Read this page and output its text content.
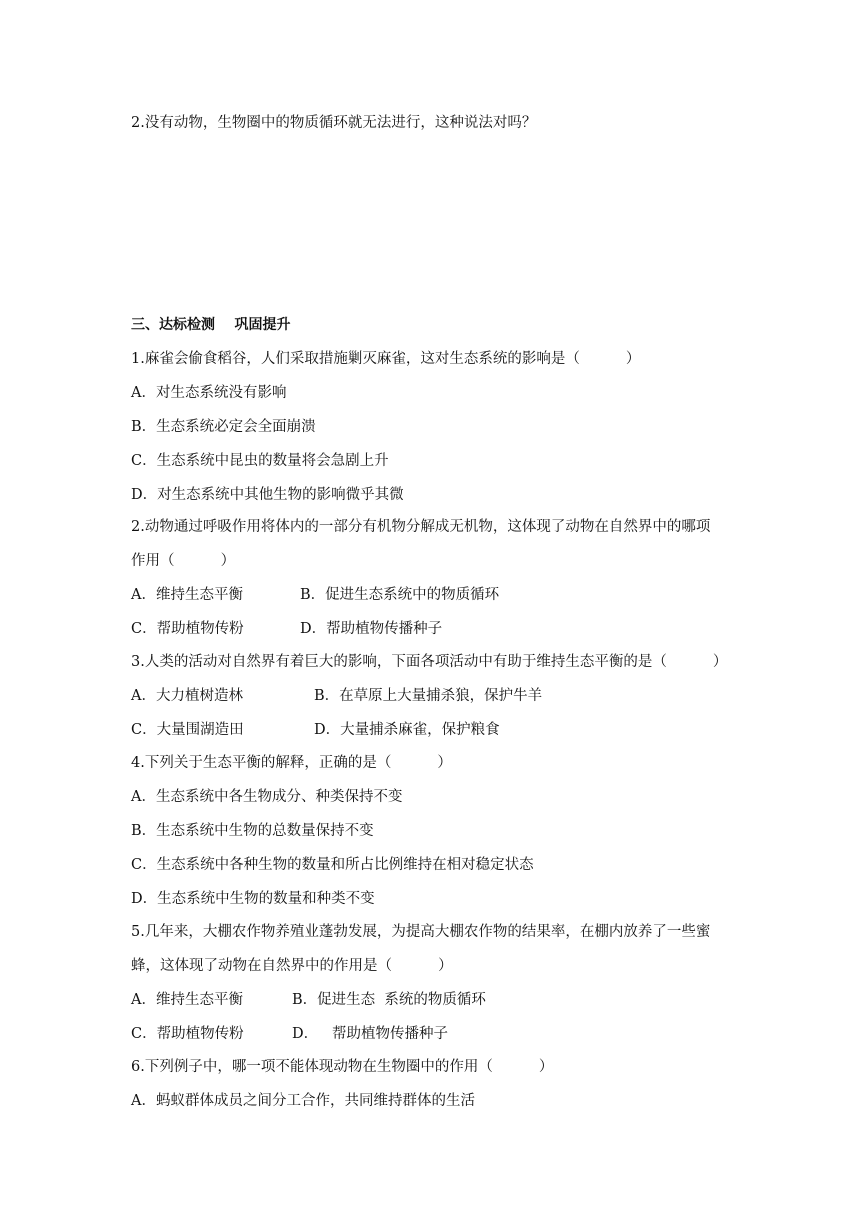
2.没有动物，生物圈中的物质循环就无法进行，这种说法对吗？
三、达标检测    巩固提升
1.麻雀会偷食稻谷，人们采取措施剿灭麻雀，这对生态系统的影响是（          ）
A．对生态系统没有影响
B．生态系统必定会全面崩溃
C．生态系统中昆虫的数量将会急剧上升
D．对生态系统中其他生物的影响微乎其微
2.动物通过呼吸作用将体内的一部分有机物分解成无机物，这体现了动物在自然界中的哪项
作用（          ）
A．维持生态平衡	B．促进生态系统中的物质循环
C．帮助植物传粉	D．帮助植物传播种子
3.人类的活动对自然界有着巨大的影响，下面各项活动中有助于维持生态平衡的是（          ）
A．大力植树造林	B．在草原上大量捕杀狼，保护牛羊
C．大量围湖造田	D．大量捕杀麻雀，保护粮食
4.下列关于生态平衡的解释，正确的是（          ）
A．生态系统中各生物成分、种类保持不变
B．生态系统中生物的总数量保持不变
C．生态系统中各种生物的数量和所占比例维持在相对稳定状态
D．生态系统中生物的数量和种类不变
5.几年来，大棚农作物养殖业蓬勃发展，为提高大棚农作物的结果率，在棚内放养了一些蜜
蜂，这体现了动物在自然界中的作用是（          ）
A．维持生态平衡	B．促进生态  系统的物质循环
C．帮助植物传粉	D．   帮助植物传播种子
6.下列例子中，哪一项不能体现动物在生物圈中的作用（          ）
A．蚂蚁群体成员之间分工合作，共同维持群体的生活
